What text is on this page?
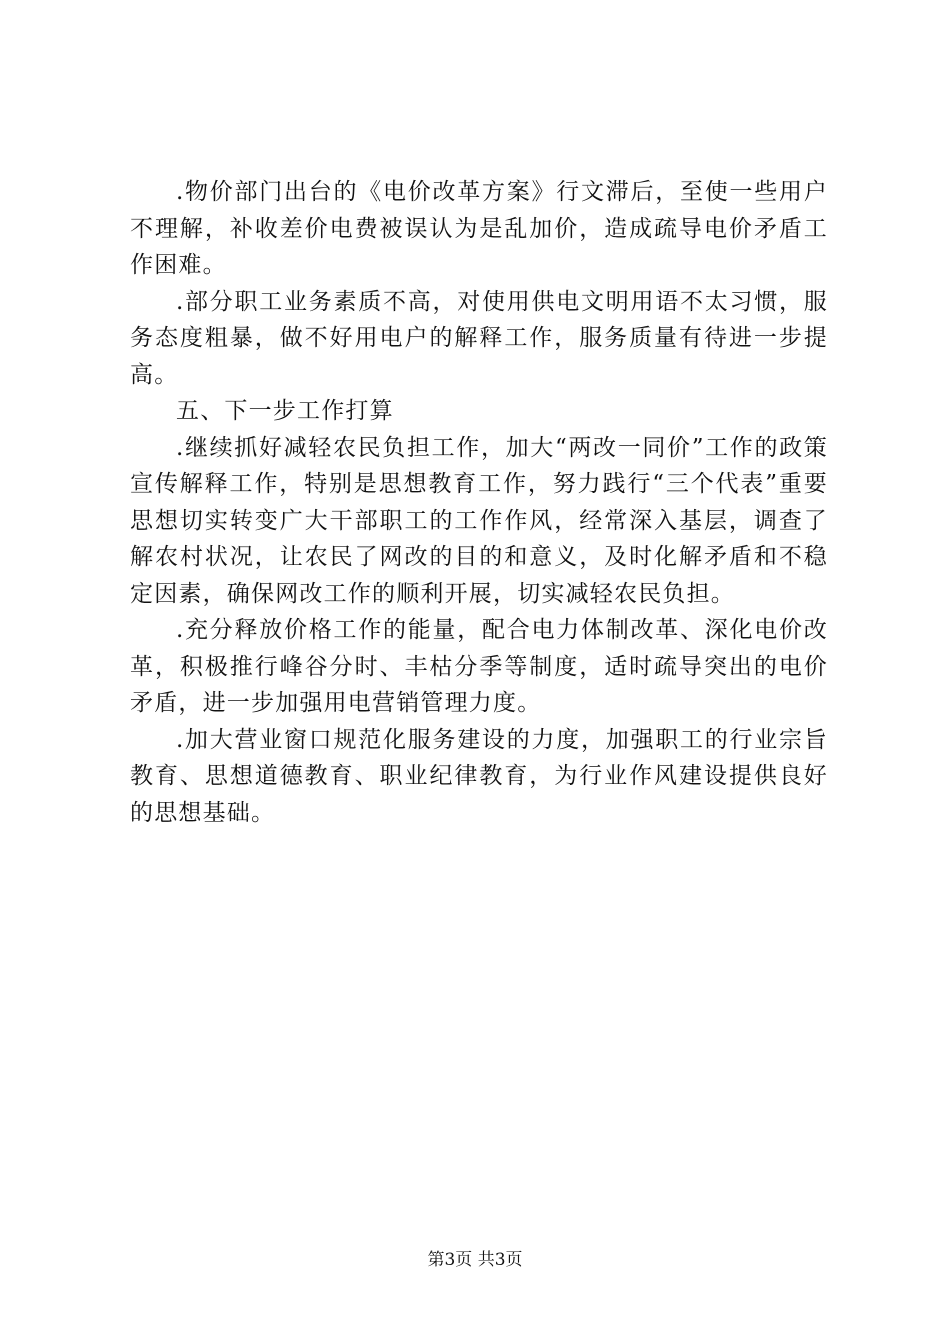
.物价部门出台的《电价改革方案》行文滞后，至使一些用户不理解，补收差价电费被误认为是乱加价，造成疏导电价矛盾工作困难。

.部分职工业务素质不高，对使用供电文明用语不太习惯，服务态度粗暴，做不好用电户的解释工作，服务质量有待进一步提高。

五、下一步工作打算

.继续抓好减轻农民负担工作，加大“两改一同价”工作的政策宣传解释工作，特别是思想教育工作，努力践行“三个代表”重要思想切实转变广大干部职工的工作作风，经常深入基层，调查了解农村状况，让农民了网改的目的和意义，及时化解矛盾和不稳定因素，确保网改工作的顺利开展，切实减轻农民负担。

.充分释放价格工作的能量，配合电力体制改革、深化电价改革，积极推行峰谷分时、丰枯分季等制度，适时疏导突出的电价矛盾，进一步加强用电营销管理力度。

.加大营业窗口规范化服务建设的力度，加强职工的行业宗旨教育、思想道德教育、职业纪律教育，为行业作风建设提供良好的思想基础。

第3页 共3页
